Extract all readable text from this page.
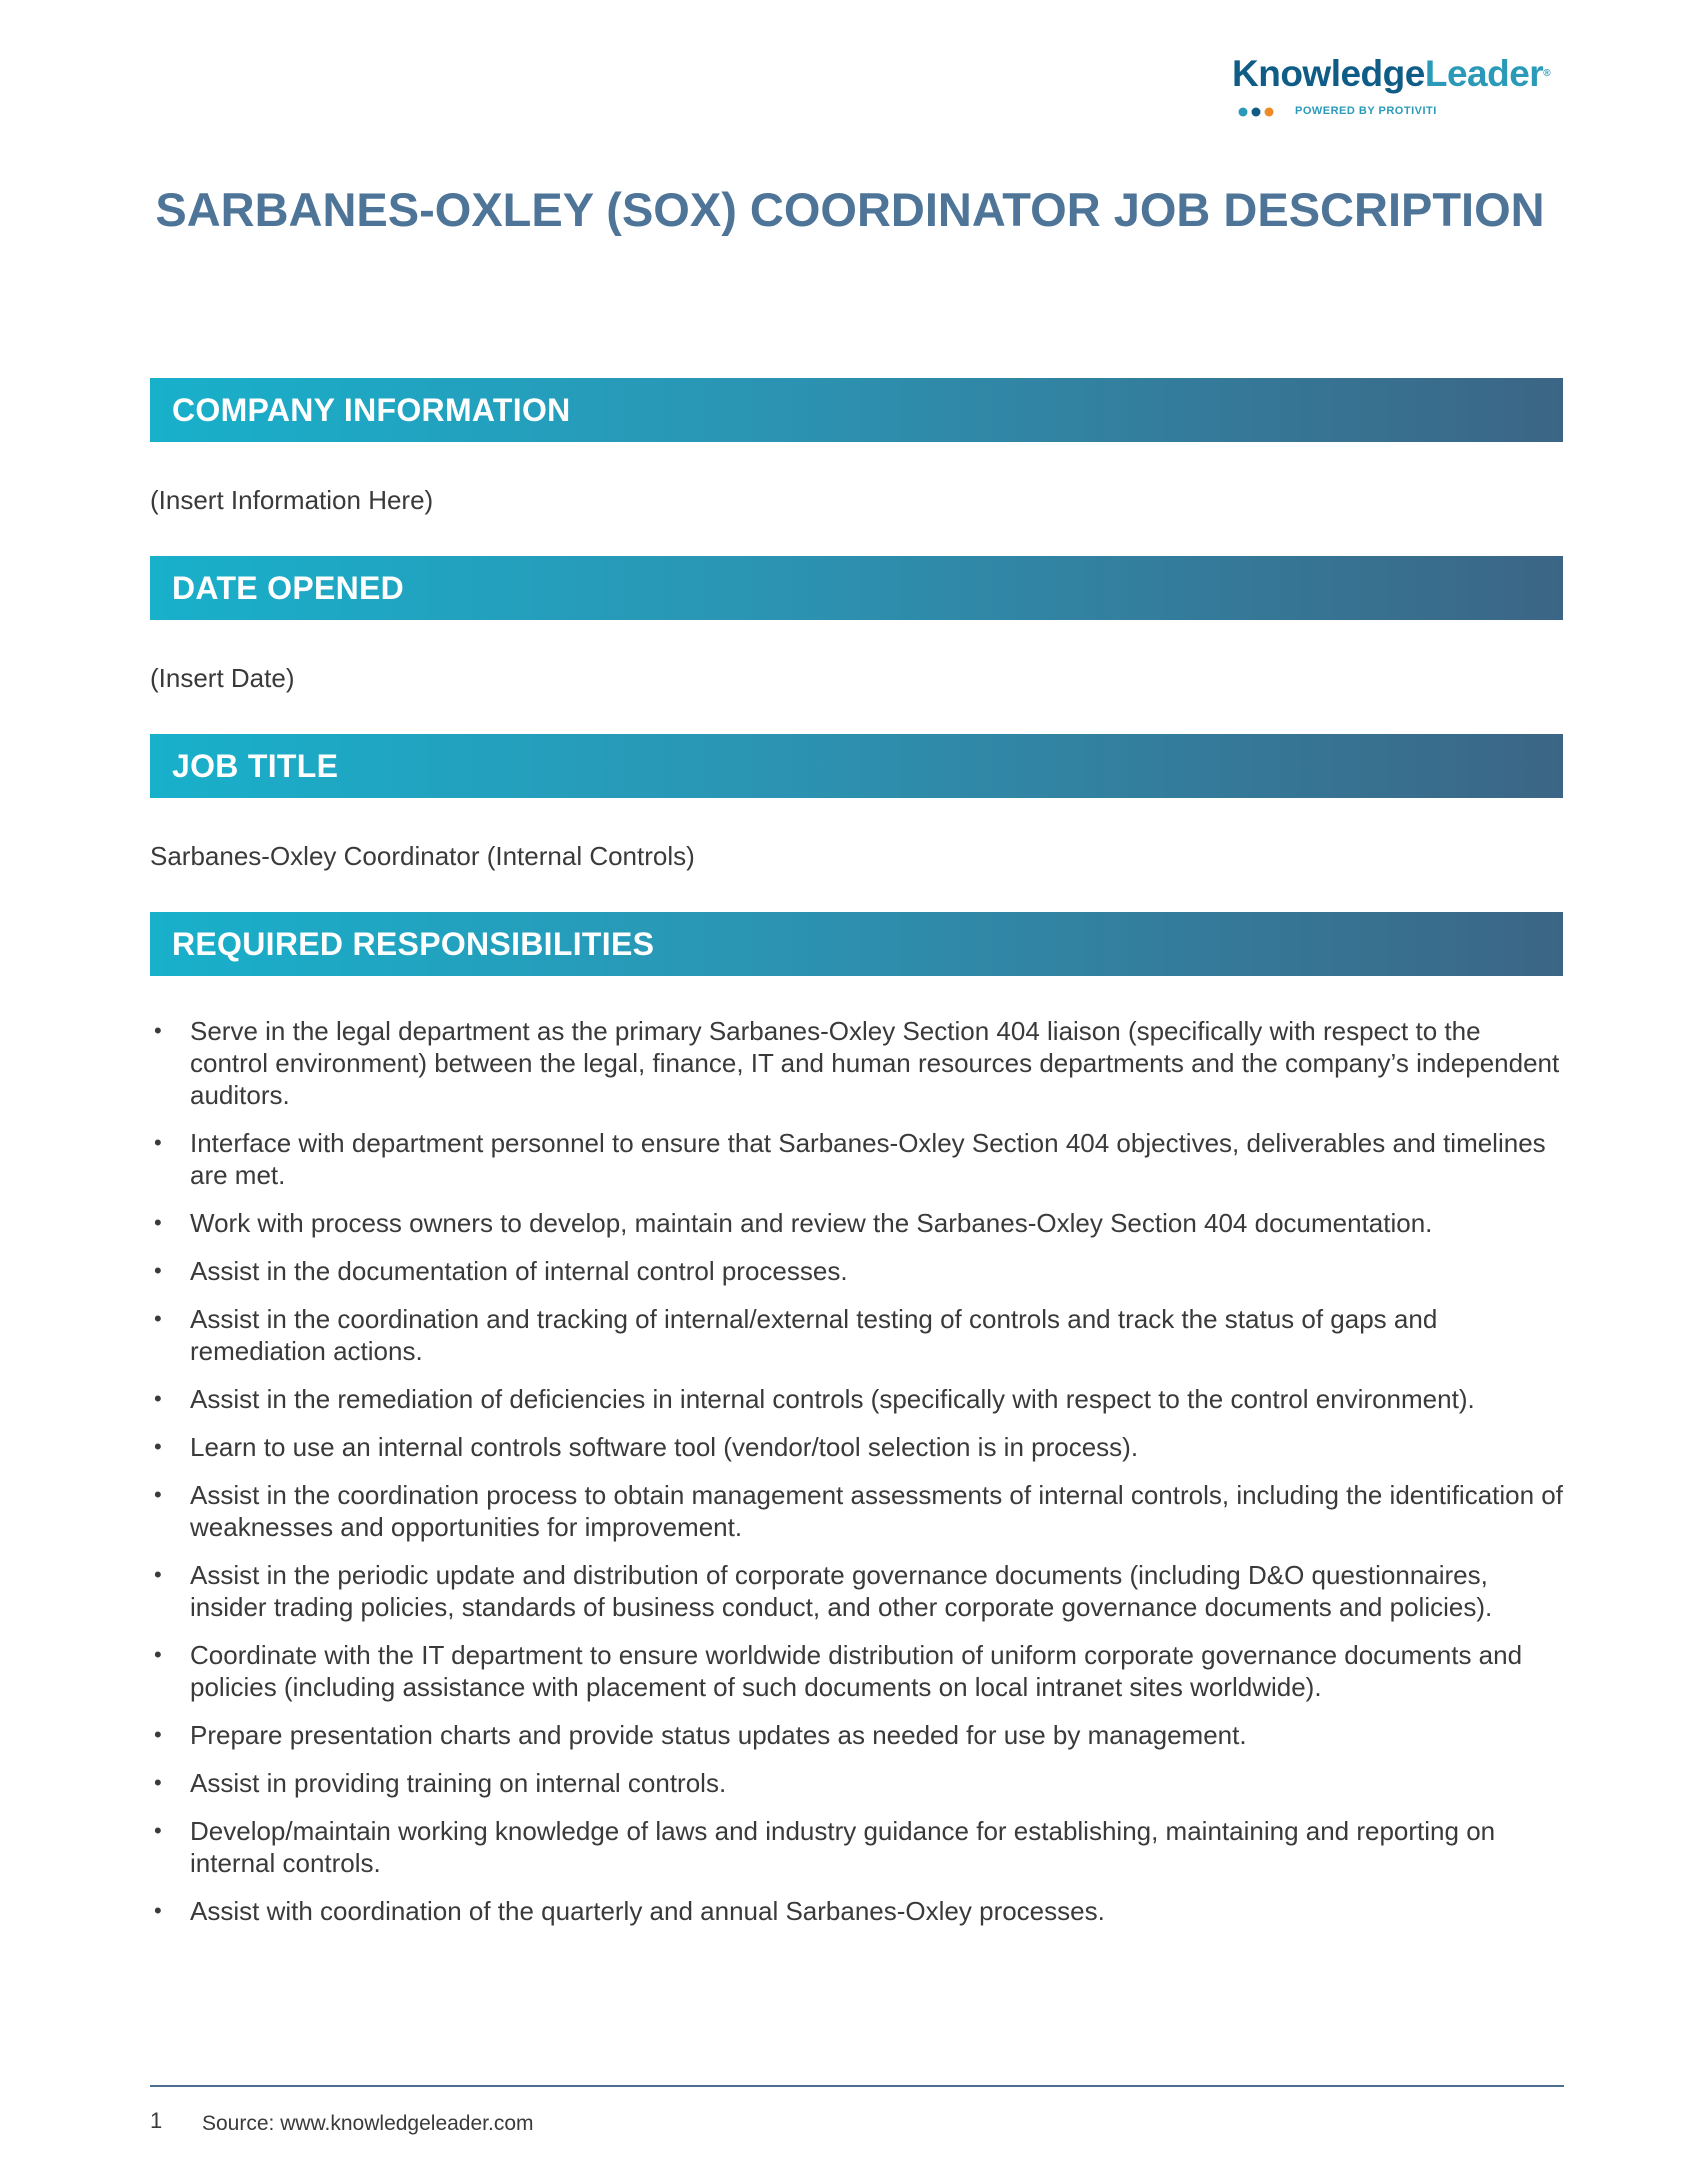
KnowledgeLeader®
POWERED BY PROTIVITI
SARBANES-OXLEY (SOX) COORDINATOR JOB DESCRIPTION
COMPANY INFORMATION

(Insert Information Here)

DATE OPENED

(Insert Date)

JOB TITLE

Sarbanes-Oxley Coordinator (Internal Controls)

REQUIRED RESPONSIBILITIES
• Serve in the legal department as the primary Sarbanes-Oxley Section 404 liaison (specifically with respect to the control environment) between the legal, finance, IT and human resources departments and the company’s independent auditors.
• Interface with department personnel to ensure that Sarbanes-Oxley Section 404 objectives, deliverables and timelines are met.
• Work with process owners to develop, maintain and review the Sarbanes-Oxley Section 404 documentation.
• Assist in the documentation of internal control processes.
• Assist in the coordination and tracking of internal/external testing of controls and track the status of gaps and remediation actions.
• Assist in the remediation of deficiencies in internal controls (specifically with respect to the control environment).
• Learn to use an internal controls software tool (vendor/tool selection is in process).
• Assist in the coordination process to obtain management assessments of internal controls, including the identification of weaknesses and opportunities for improvement.
• Assist in the periodic update and distribution of corporate governance documents (including D&O questionnaires, insider trading policies, standards of business conduct, and other corporate governance documents and policies).
• Coordinate with the IT department to ensure worldwide distribution of uniform corporate governance documents and policies (including assistance with placement of such documents on local intranet sites worldwide).
• Prepare presentation charts and provide status updates as needed for use by management.
• Assist in providing training on internal controls.
• Develop/maintain working knowledge of laws and industry guidance for establishing, maintaining and reporting on internal controls.
• Assist with coordination of the quarterly and annual Sarbanes-Oxley processes.
1 Source: www.knowledgeleader.com
